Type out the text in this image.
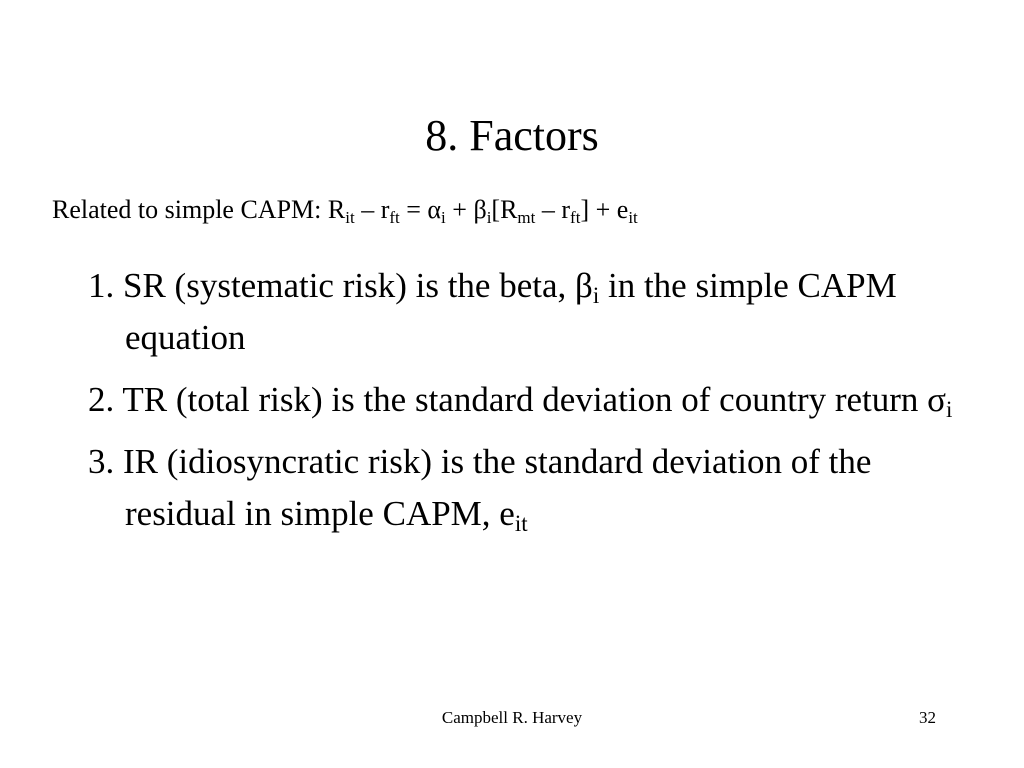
8. Factors
Related to simple CAPM: $R_{it} - r_{ft} = \alpha_i + \beta_i[R_{mt} - r_{ft}] + e_{it}$
1. SR (systematic risk) is the beta, $\beta_i$ in the simple CAPM equation
2. TR (total risk) is the standard deviation of country return $\sigma_i$
3. IR (idiosyncratic risk) is the standard deviation of the residual in simple CAPM, $e_{it}$
Campbell R. Harvey	32
